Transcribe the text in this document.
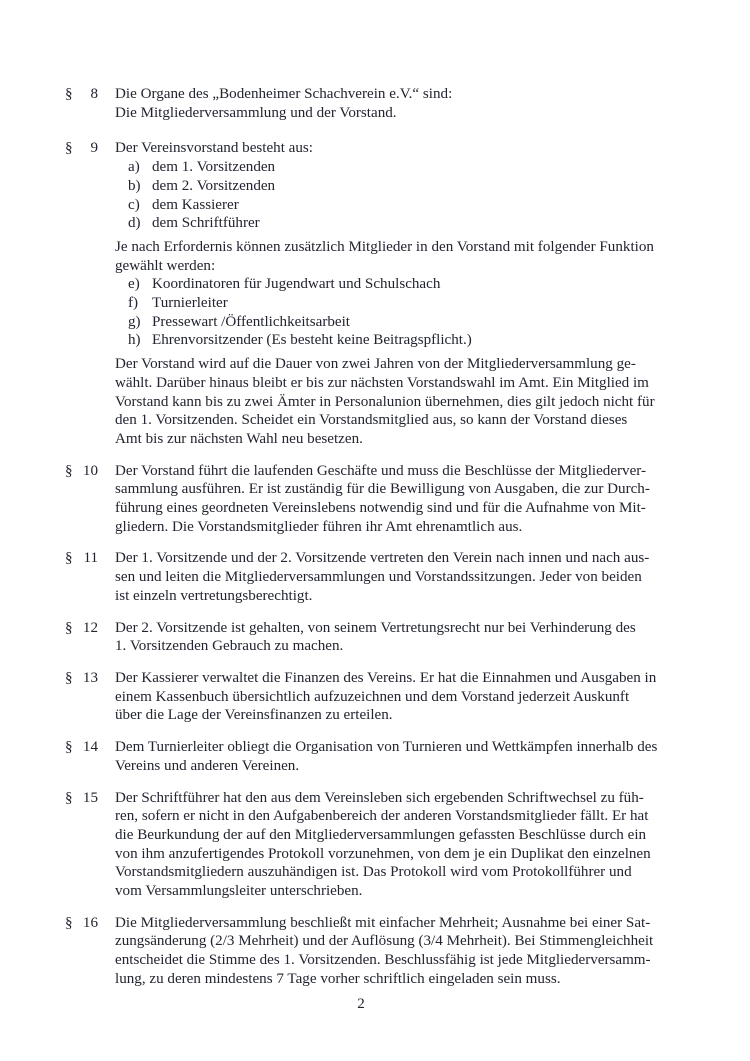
§ 8 Die Organe des „Bodenheimer Schachverein e.V.“ sind:
Die Mitgliederversammlung und der Vorstand.
§ 9 Der Vereinsvorstand besteht aus:
a) dem 1. Vorsitzenden
b) dem 2. Vorsitzenden
c) dem Kassierer
d) dem Schriftführer
Je nach Erfordernis können zusätzlich Mitglieder in den Vorstand mit folgender Funktion
gewählt werden:
e) Koordinatoren für Jugendwart und Schulschach
f) Turnierleiter
g) Pressewart /Öffentlichkeitsarbeit
h) Ehrenvorsitzender (Es besteht keine Beitragspflicht.)
Der Vorstand wird auf die Dauer von zwei Jahren von der Mitgliederversammlung ge-
wählt. Darüber hinaus bleibt er bis zur nächsten Vorstandswahl im Amt. Ein Mitglied im
Vorstand kann bis zu zwei Ämter in Personalunion übernehmen, dies gilt jedoch nicht für
den 1. Vorsitzenden. Scheidet ein Vorstandsmitglied aus, so kann der Vorstand dieses
Amt bis zur nächsten Wahl neu besetzen.
§ 10 Der Vorstand führt die laufenden Geschäfte und muss die Beschlüsse der Mitgliederver-
sammlung ausführen. Er ist zuständig für die Bewilligung von Ausgaben, die zur Durch-
führung eines geordneten Vereinslebens notwendig sind und für die Aufnahme von Mit-
gliedern. Die Vorstandsmitglieder führen ihr Amt ehrenamtlich aus.
§ 11 Der 1. Vorsitzende und der 2. Vorsitzende vertreten den Verein nach innen und nach aus-
sen und leiten die Mitgliederversammlungen und Vorstandssitzungen. Jeder von beiden
ist einzeln vertretungsberechtigt.
§ 12 Der 2. Vorsitzende ist gehalten, von seinem Vertretungsrecht nur bei Verhinderung des
1. Vorsitzenden Gebrauch zu machen.
§ 13 Der Kassierer verwaltet die Finanzen des Vereins. Er hat die Einnahmen und Ausgaben in
einem Kassenbuch übersichtlich aufzuzeichnen und dem Vorstand jederzeit Auskunft
über die Lage der Vereinsfinanzen zu erteilen.
§ 14 Dem Turnierleiter obliegt die Organisation von Turnieren und Wettkämpfen innerhalb des
Vereins und anderen Vereinen.
§ 15 Der Schriftführer hat den aus dem Vereinsleben sich ergebenden Schriftwechsel zu füh-
ren, sofern er nicht in den Aufgabenbereich der anderen Vorstandsmitglieder fällt. Er hat
die Beurkundung der auf den Mitgliederversammlungen gefassten Beschlüsse durch ein
von ihm anzufertigendes Protokoll vorzunehmen, von dem je ein Duplikat den einzelnen
Vorstandsmitgliedern auszuhändigen ist. Das Protokoll wird vom Protokollführer und
vom Versammlungsleiter unterschrieben.
§ 16 Die Mitgliederversammlung beschließt mit einfacher Mehrheit; Ausnahme bei einer Sat-
zungsänderung (2/3 Mehrheit) und der Auflösung (3/4 Mehrheit). Bei Stimmengleichheit
entscheidet die Stimme des 1. Vorsitzenden. Beschlussfähig ist jede Mitgliederversamm-
lung, zu deren mindestens 7 Tage vorher schriftlich eingeladen sein muss.
2
